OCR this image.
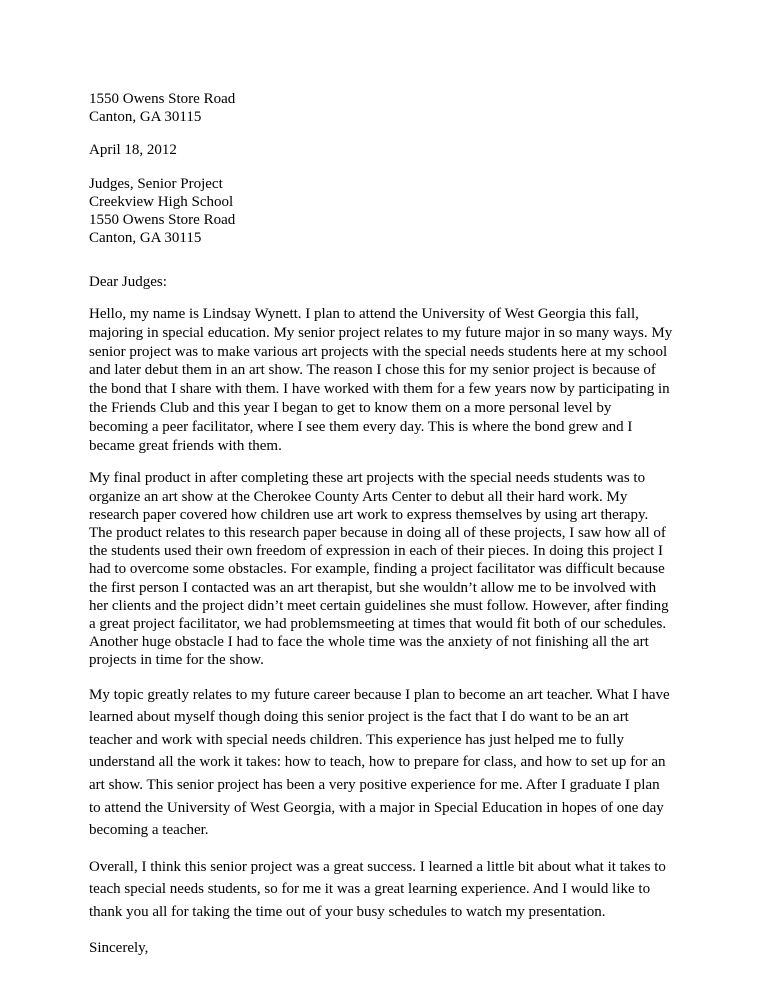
1550 Owens Store Road
Canton, GA 30115
April 18, 2012
Judges, Senior Project
Creekview High School
1550 Owens Store Road
Canton, GA 30115
Dear Judges:
Hello, my name is Lindsay Wynett. I plan to attend the University of West Georgia this fall,
majoring in special education. My senior project relates to my future major in so many ways. My
senior project was to make various art projects with the special needs students here at my school
and later debut them in an art show. The reason I chose this for my senior project is because of
the bond that I share with them. I have worked with them for a few years now by participating in
the Friends Club and this year I began to get to know them on a more personal level by
becoming a peer facilitator, where I see them every day. This is where the bond grew and I
became great friends with them.
My final product in after completing these art projects with the special needs students was to
organize an art show at the Cherokee County Arts Center to debut all their hard work. My
research paper covered how children use art work to express themselves by using art therapy.
The product relates to this research paper because in doing all of these projects, I saw how all of
the students used their own freedom of expression in each of their pieces. In doing this project I
had to overcome some obstacles. For example, finding a project facilitator was difficult because
the first person I contacted was an art therapist, but she wouldn’t allow me to be involved with
her clients and the project didn’t meet certain guidelines she must follow. However, after finding
a great project facilitator, we had problemsmeeting at times that would fit both of our schedules.
Another huge obstacle I had to face the whole time was the anxiety of not finishing all the art
projects in time for the show.
My topic greatly relates to my future career because I plan to become an art teacher. What I have
learned about myself though doing this senior project is the fact that I do want to be an art
teacher and work with special needs children. This experience has just helped me to fully
understand all the work it takes: how to teach, how to prepare for class, and how to set up for an
art show. This senior project has been a very positive experience for me. After I graduate I plan
to attend the University of West Georgia, with a major in Special Education in hopes of one day
becoming a teacher.
Overall, I think this senior project was a great success. I learned a little bit about what it takes to
teach special needs students, so for me it was a great learning experience. And I would like to
thank you all for taking the time out of your busy schedules to watch my presentation.
Sincerely,
